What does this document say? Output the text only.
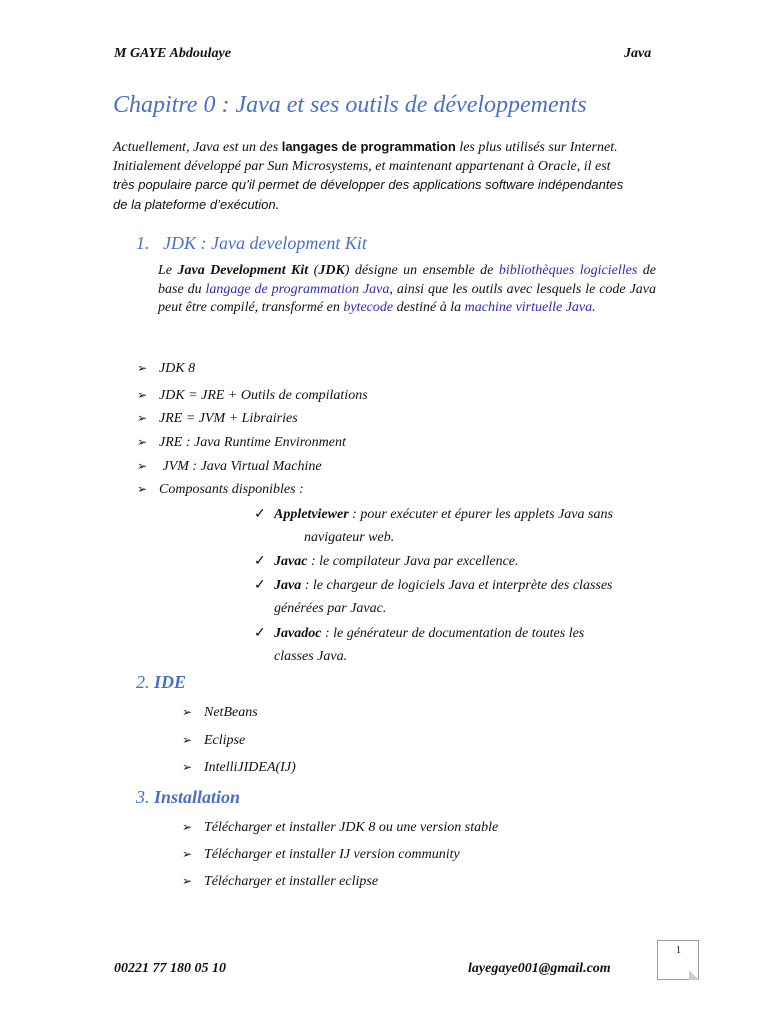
M GAYE Abdoulaye	Java
Chapitre 0 : Java et ses outils de développements
Actuellement, Java est un des langages de programmation les plus utilisés sur Internet.
Initialement développé par Sun Microsystems, et maintenant appartenant à Oracle, il est
très populaire parce qu’il permet de développer des applications software indépendantes
de la plateforme d’exécution.
1. JDK : Java development Kit
Le Java Development Kit (JDK) désigne un ensemble de bibliothèques logicielles de base du langage de programmation Java, ainsi que les outils avec lesquels le code Java peut être compilé, transformé en bytecode destiné à la machine virtuelle Java.
➢ JDK 8
➢ JDK = JRE + Outils de compilations
➢ JRE = JVM + Librairies
➢ JRE : Java Runtime Environment
➢ JVM : Java Virtual Machine
➢ Composants disponibles :
✓ Appletviewer : pour exécuter et épurer les applets Java sans
navigateur web.
✓ Javac : le compilateur Java par excellence.
✓ Java : le chargeur de logiciels Java et interprète des classes
générées par Javac.
✓ Javadoc : le générateur de documentation de toutes les
classes Java.
2. IDE
➢ NetBeans
➢ Eclipse
➢ IntelliJIDEA(IJ)
3. Installation
➢ Télécharger et installer JDK 8 ou une version stable
➢ Télécharger et installer IJ version community
➢ Télécharger et installer eclipse
1
00221 77 180 05 10	layegaye001@gmail.com
